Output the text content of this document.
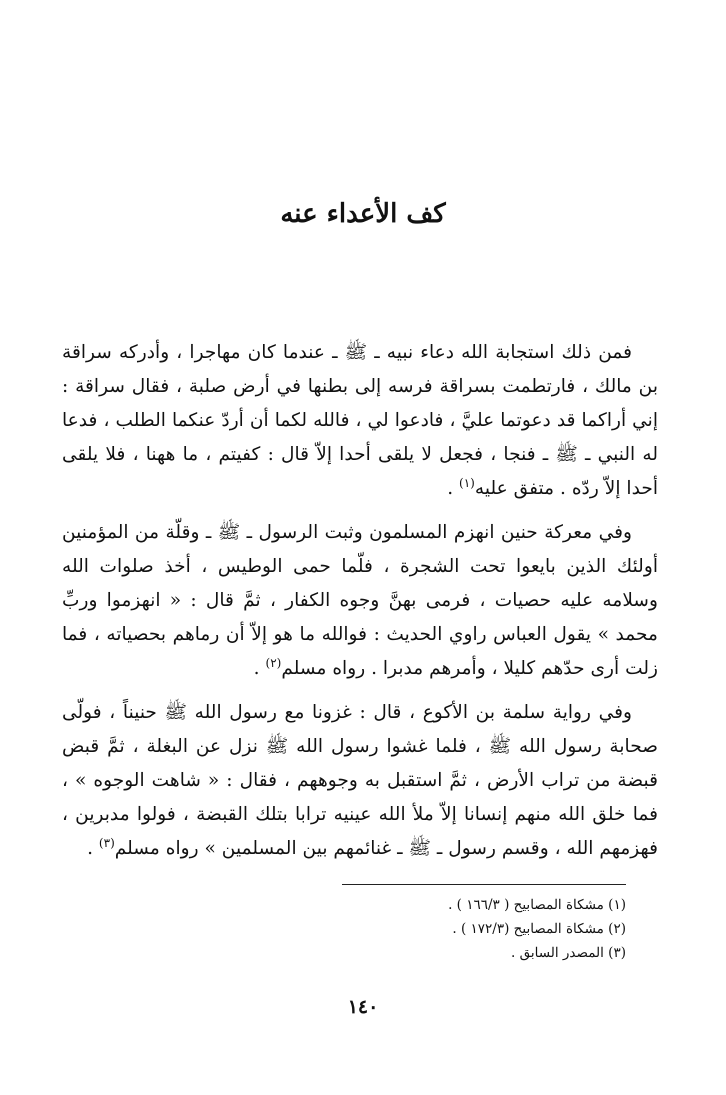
كف الأعداء عنه

فمن ذلك استجابة الله دعاء نبيه ـ ﷺ ـ عندما كان مهاجرا ، وأدركه سراقة بن مالك ، فارتطمت بسراقة فرسه إلى بطنها في أرض صلبة ، فقال سراقة : إني أراكما قد دعوتما عليَّ ، فادعوا لي ، فالله لكما أن أردّ عنكما الطلب ، فدعا له النبي ـ ﷺ ـ فنجا ، فجعل لا يلقى أحدا إلاّ قال : كفيتم ، ما ههنا ، فلا يلقى أحدا إلاّ ردّه . متفق عليه$^{(١)}$ .

وفي معركة حنين انهزم المسلمون وثبت الرسول ـ ﷺ ـ وقلّة من المؤمنين أولئك الذين بايعوا تحت الشجرة ، فلّما حمى الوطيس ، أخذ صلوات الله وسلامه عليه حصيات ، فرمى بهنَّ وجوه الكفار ، ثمَّ قال : « انهزموا وربِّ محمد » يقول العباس راوي الحديث : فوالله ما هو إلاّ أن رماهم بحصياته ، فما زلت أرى حدّهم كليلا ، وأمرهم مدبرا . رواه مسلم$^{(٢)}$ .

وفي رواية سلمة بن الأكوع ، قال : غزونا مع رسول الله ﷺ حنيناً ، فولّى صحابة رسول الله ﷺ ، فلما غشوا رسول الله ﷺ نزل عن البغلة ، ثمَّ قبض قبضة من تراب الأرض ، ثمَّ استقبل به وجوههم ، فقال : « شاهت الوجوه » ، فما خلق الله منهم إنسانا إلاّ ملأ الله عينيه ترابا بتلك القبضة ، فولوا مدبرين ، فهزمهم الله ، وقسم رسول ـ ﷺ ـ غنائمهم بين المسلمين » رواه مسلم$^{(٣)}$ .

(١) مشكاة المصابيح ( ١٦٦/٣ ) .

(٢) مشكاة المصابيح (١٧٢/٣ ) .

(٣) المصدر السابق .

١٤٠
